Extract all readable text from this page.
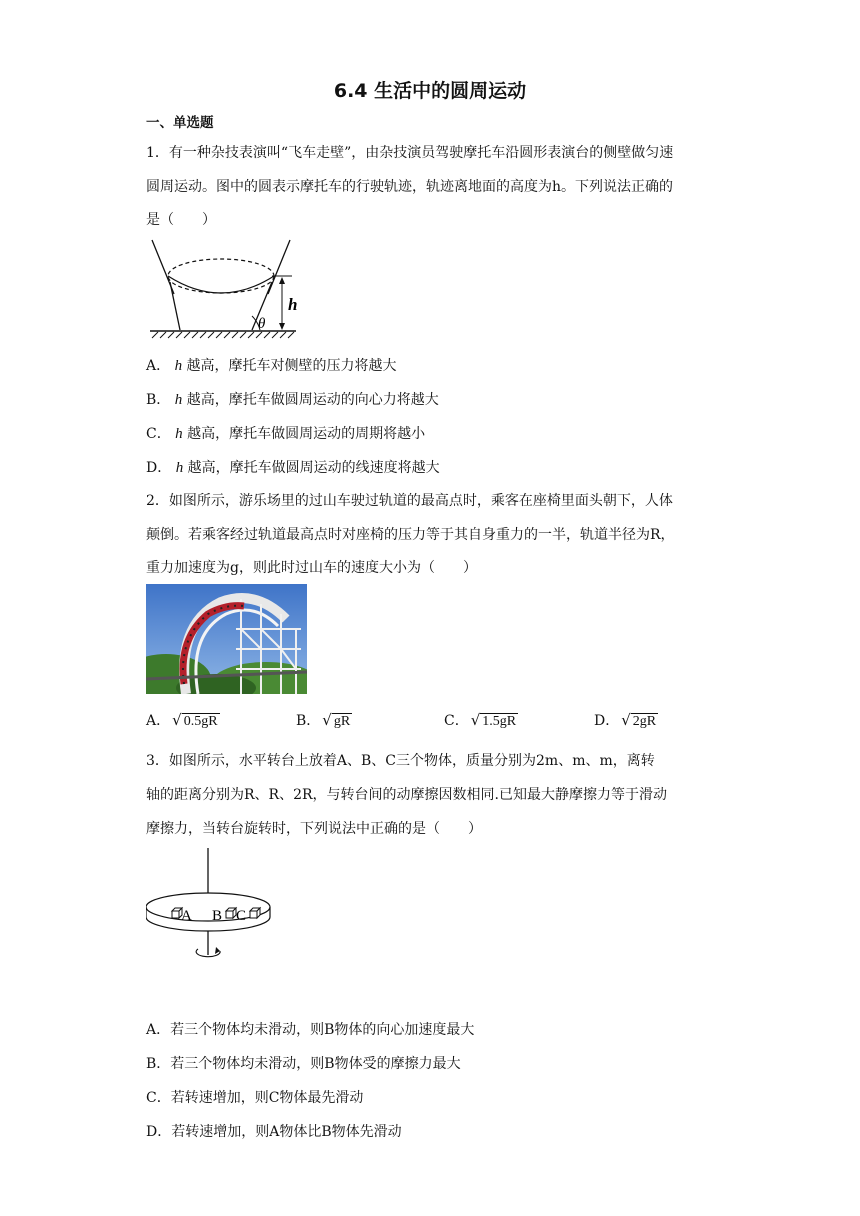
6.4 生活中的圆周运动
一、单选题
1．有一种杂技表演叫“飞车走壁”，由杂技演员驾驶摩托车沿圆形表演台的侧壁做匀速
圆周运动。图中的圆表示摩托车的行驶轨迹，轨迹离地面的高度为h。下列说法正确的
是（　　）
h
θ
A． h 越高，摩托车对侧壁的压力将越大
B． h 越高，摩托车做圆周运动的向心力将越大
C． h 越高，摩托车做圆周运动的周期将越小
D． h 越高，摩托车做圆周运动的线速度将越大
2．如图所示，游乐场里的过山车驶过轨道的最高点时，乘客在座椅里面头朝下，人体
颠倒。若乘客经过轨道最高点时对座椅的压力等于其自身重力的一半，轨道半径为R，
重力加速度为g，则此时过山车的速度大小为（　　）
A． √ 0.5gR	B． √ gR	C． √ 1.5gR	D． √ 2gR
3．如图所示，水平转台上放着A、B、C三个物体，质量分别为2m、m、m，离转
轴的距离分别为R、R、2R，与转台间的动摩擦因数相同.已知最大静摩擦力等于滑动
摩擦力，当转台旋转时，下列说法中正确的是（　　）
A B C
A．若三个物体均未滑动，则B物体的向心加速度最大
B．若三个物体均未滑动，则B物体受的摩擦力最大
C．若转速增加，则C物体最先滑动
D．若转速增加，则A物体比B物体先滑动
